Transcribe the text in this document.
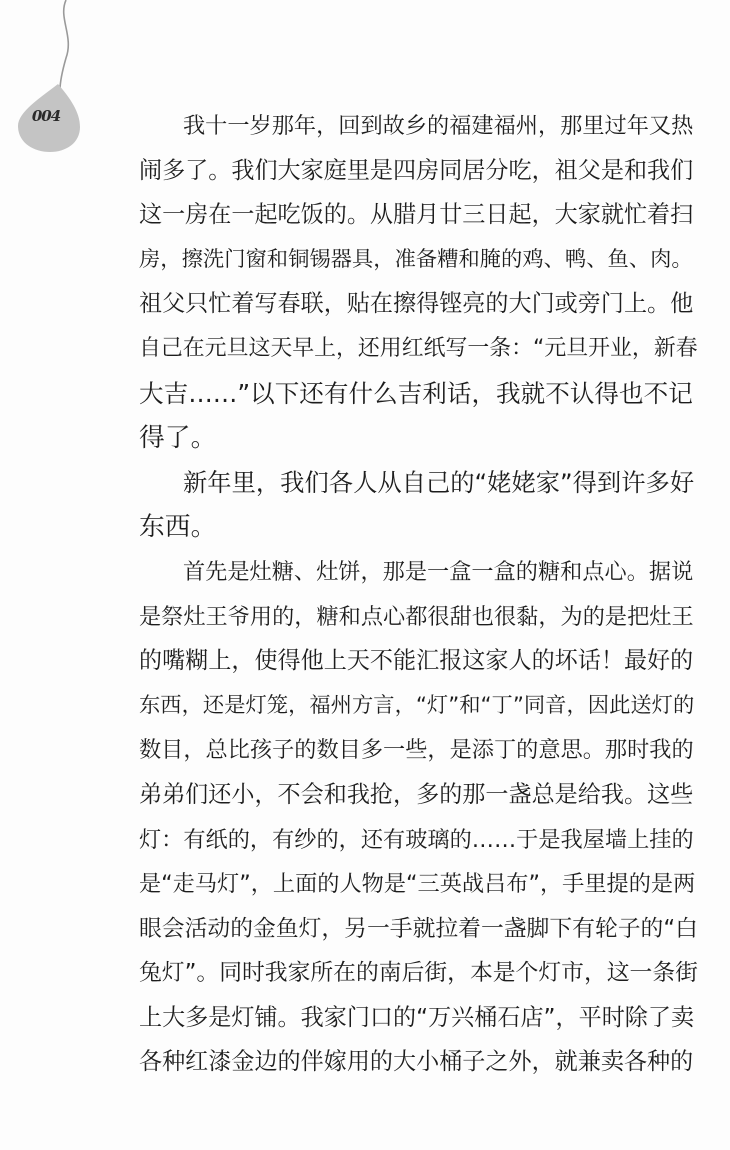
004	我十一岁那年，回到故乡的福建福州，那里过年又热
闹多了。我们大家庭里是四房同居分吃，祖父是和我们
这一房在一起吃饭的。从腊月廿三日起，大家就忙着扫
房，擦洗门窗和铜锡器具，准备糟和腌的鸡、鸭、鱼、肉。
祖父只忙着写春联，贴在擦得铿亮的大门或旁门上。他
自己在元旦这天早上，还用红纸写一条：“元旦开业，新春
大吉……”以下还有什么吉利话，我就不认得也不记
得了。
新年里，我们各人从自己的“姥姥家”得到许多好
东西。
首先是灶糖、灶饼，那是一盒一盒的糖和点心。据说
是祭灶王爷用的，糖和点心都很甜也很黏，为的是把灶王
的嘴糊上，使得他上天不能汇报这家人的坏话！最好的
东西，还是灯笼，福州方言，“灯”和“丁”同音，因此送灯的
数目，总比孩子的数目多一些，是添丁的意思。那时我的
弟弟们还小，不会和我抢，多的那一盏总是给我。这些
灯：有纸的，有纱的，还有玻璃的……于是我屋墙上挂的
是“走马灯”，上面的人物是“三英战吕布”，手里提的是两
眼会活动的金鱼灯，另一手就拉着一盏脚下有轮子的“白
兔灯”。同时我家所在的南后街，本是个灯市，这一条街
上大多是灯铺。我家门口的“万兴桶石店”，平时除了卖
各种红漆金边的伴嫁用的大小桶子之外，就兼卖各种的
